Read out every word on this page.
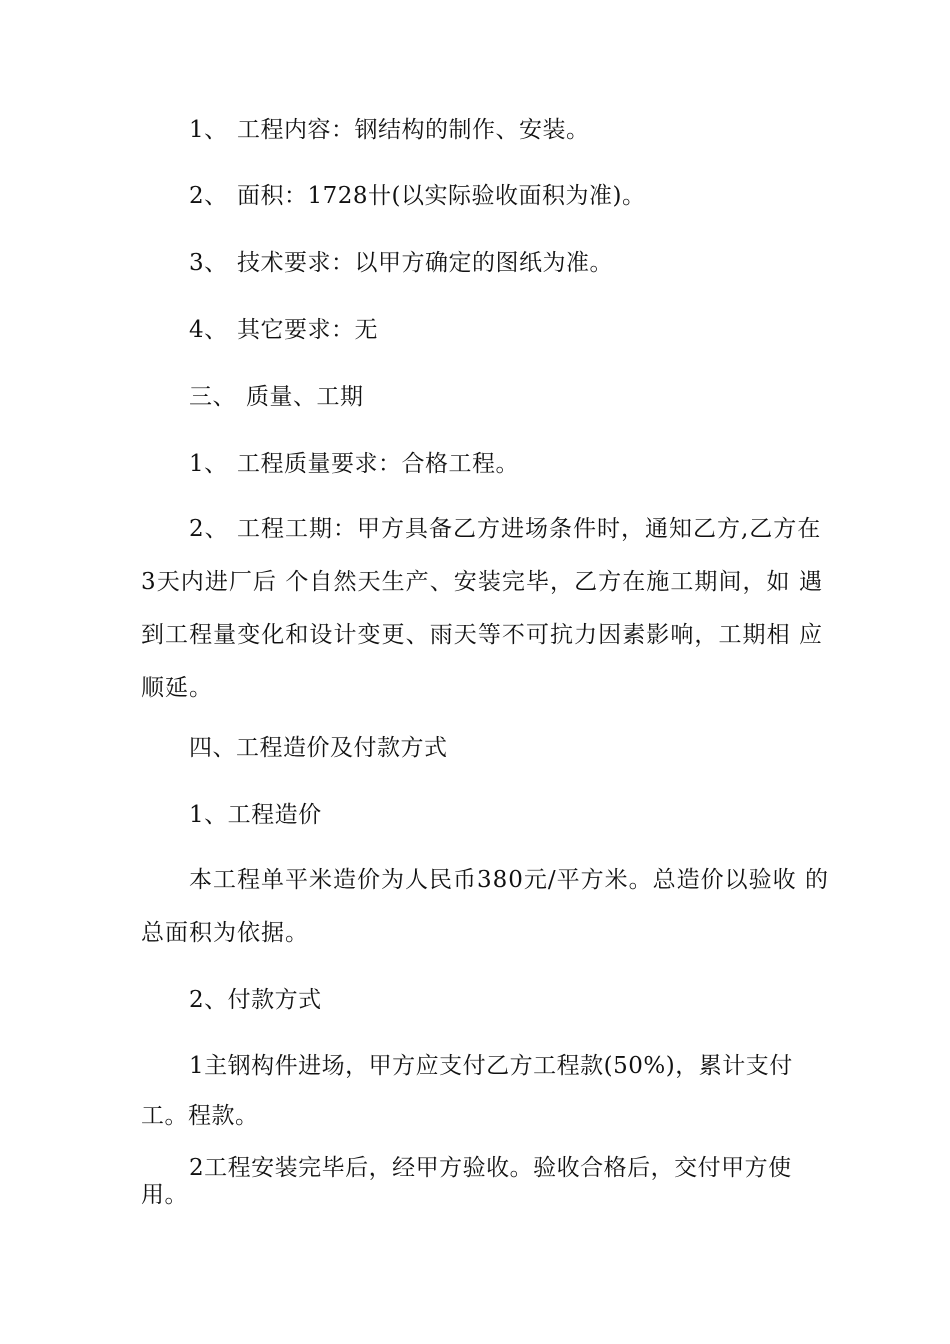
1、 工程内容：钢结构的制作、安装。
2、 面积：1728卄(以实际验收面积为准)。
3、 技术要求：以甲方确定的图纸为准。
4、 其它要求：无
三、 质量、工期
1、 工程质量要求：合格工程。
2、 工程工期：甲方具备乙方进场条件时，通知乙方,乙方在
3天内进厂后 个自然天生产、安装完毕，乙方在施工期间，如 遇
到工程量变化和设计变更、雨天等不可抗力因素影响，工期相 应
顺延。
四、工程造价及付款方式
1、工程造价
本工程单平米造价为人民币380元/平方米。总造价以验收 的
总面积为依据。
2、付款方式
1主钢构件进场，甲方应支付乙方工程款(50%)，累计支付
工。程款。
2工程安装完毕后，经甲方验收。验收合格后，交付甲方使
用。
